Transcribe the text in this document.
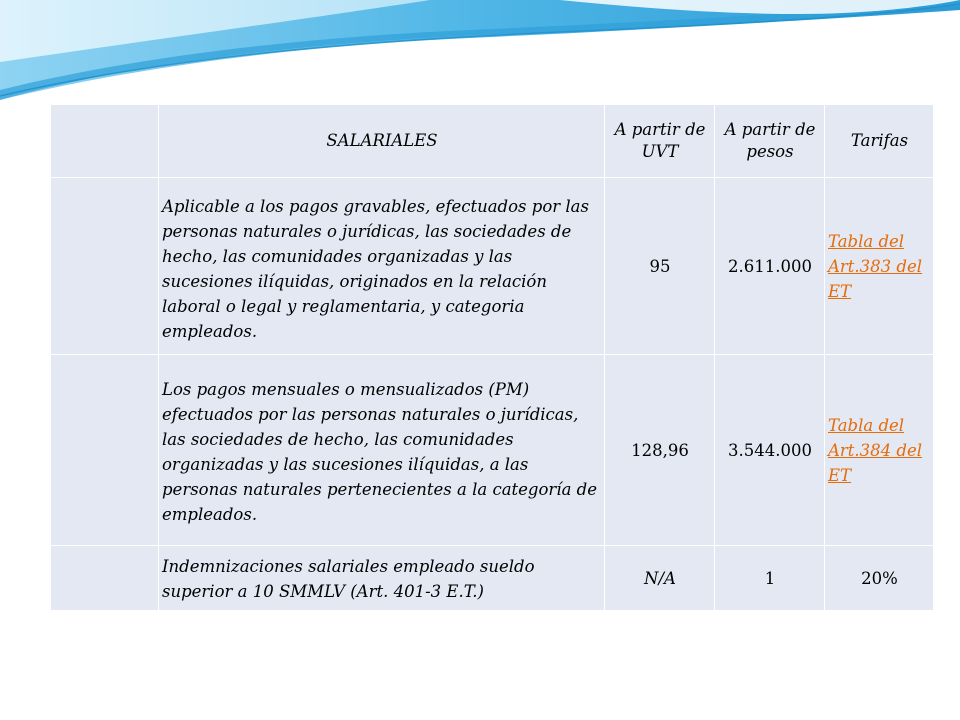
	SALARIALES	A partir de UVT	A partir de pesos	Tarifas
	Aplicable a los pagos gravables, efectuados por las personas naturales o jurídicas, las sociedades de hecho, las comunidades organizadas y las sucesiones ilíquidas, originados en la relación laboral o legal y reglamentaria, y categoria empleados.	95	2.611.000	Tabla del Art.383 del ET
	Los pagos mensuales o mensualizados (PM) efectuados por las personas naturales o jurídicas, las sociedades de hecho, las comunidades organizadas y las sucesiones ilíquidas, a las personas naturales pertenecientes a la categoría de empleados.	128,96	3.544.000	Tabla del Art.384 del ET
	Indemnizaciones salariales empleado sueldo superior a 10 SMMLV (Art. 401-3 E.T.)	N/A	1	20%
